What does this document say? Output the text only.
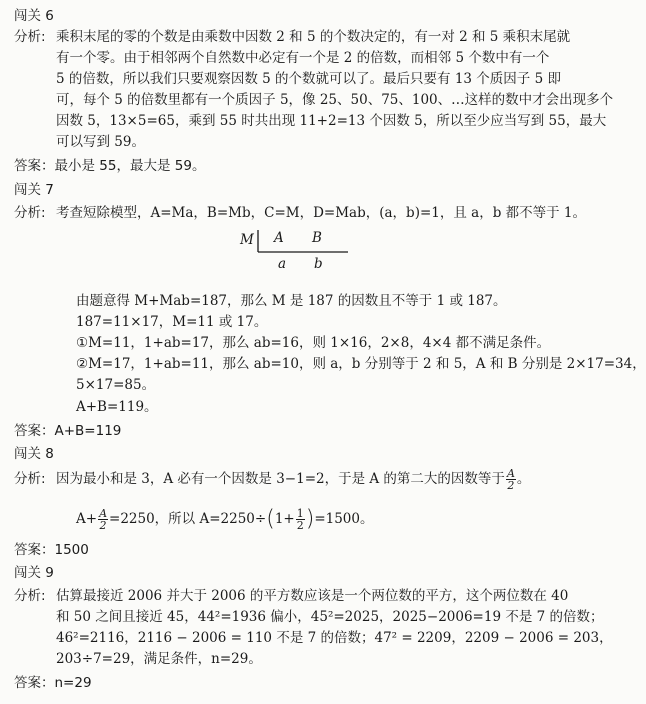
闯关 6
分析: 乘积末尾的零的个数是由乘数中因数 2 和 5 的个数决定的，有一对 2 和 5 乘积末尾就
有一个零。由于相邻两个自然数中必定有一个是 2 的倍数，而相邻 5 个数中有一个
5 的倍数，所以我们只要观察因数 5 的个数就可以了。最后只要有 13 个质因子 5 即
可，每个 5 的倍数里都有一个质因子 5，像 25、50、75、100、…这样的数中才会出现多个
因数 5，13×5=65，乘到 55 时共出现 11+2=13 个因数 5，所以至少应当写到 55，最大
可以写到 59。
答案：最小是 55，最大是 59。
闯关 7
分析: 考查短除模型，A=Ma，B=Mb，C=M，D=Mab，(a，b)=1，且 a，b 都不等于 1。
M A B
a b
由题意得 M+Mab=187，那么 M 是 187 的因数且不等于 1 或 187。
187=11×17，M=11 或 17。
①M=11，1+ab=17，那么 ab=16，则 1×16，2×8，4×4 都不满足条件。
②M=17，1+ab=11，那么 ab=10，则 a，b 分别等于 2 和 5，A 和 B 分别是 2×17=34，
5×17=85。
A+B=119。
答案：A+B=119
闯关 8
分析: 因为最小和是 3，A 必有一个因数是 3−1=2，于是 A 的第二大的因数等于 $\frac{A}{2}$ 。
$A+ \frac{A}{2} =2250$，所以 $A=2250\div(1+ \frac{1}{2} )=1500$。
答案：1500
闯关 9
分析: 估算最接近 2006 并大于 2006 的平方数应该是一个两位数的平方，这个两位数在 40
和 50 之间且接近 45，44²=1936 偏小，45²=2025，2025−2006=19 不是 7 的倍数；
46²=2116，2116 − 2006 = 110 不是 7 的倍数；47² = 2209，2209 − 2006 = 203，
203÷7=29，满足条件，n=29。
答案：n=29
